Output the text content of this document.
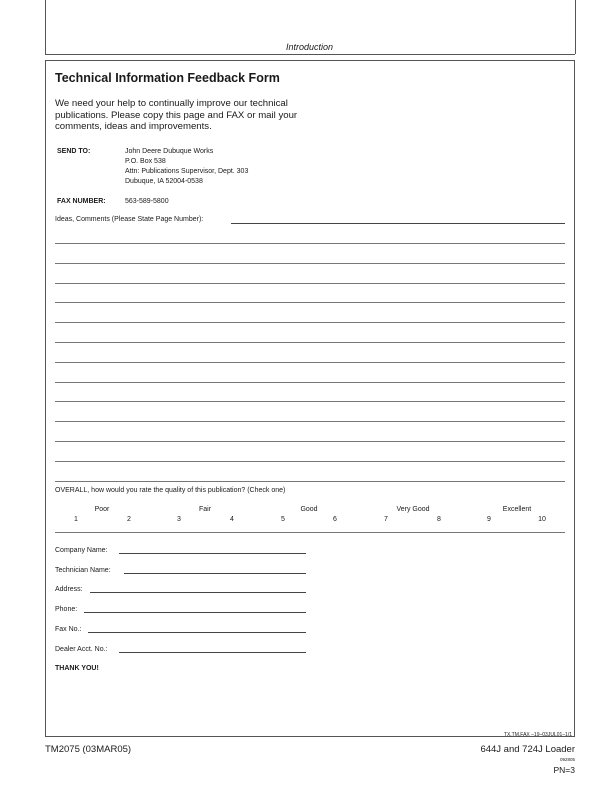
Introduction
Technical Information Feedback Form
We need your help to continually improve our technical
publications. Please copy this page and FAX or mail your
comments, ideas and improvements.
SEND TO:	John Deere Dubuque Works
P.O. Box 538
Attn: Publications Supervisor, Dept. 303
Dubuque, IA 52004-0538
FAX NUMBER:	563-589-5800
Ideas, Comments (Please State Page Number):
OVERALL, how would you rate the quality of this publication? (Check one)
Poor	Fair	Good	Very Good	Excellent
1	2	3	4	5	6	7	8	9	10
Company Name:
Technician Name:
Address:
Phone:
Fax No.:
Dealer Acct. No.:
THANK YOU!
TX,TM,FAX –19–03JUL01–1/1
TM2075 (03MAR05)	644J and 724J Loader
092805
PN=3
